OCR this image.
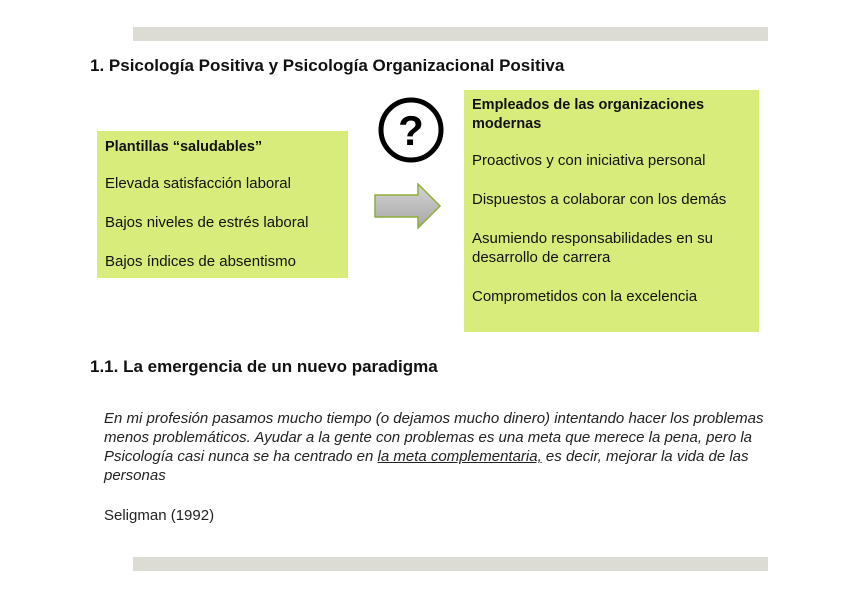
1. Psicología Positiva y Psicología Organizacional Positiva
Plantillas “saludables”
Elevada satisfacción laboral
Bajos niveles de estrés laboral
Bajos índices de absentismo
?
Empleados de las organizaciones modernas
Proactivos y con iniciativa personal
Dispuestos a colaborar con los demás
Asumiendo responsabilidades en su desarrollo de carrera
Comprometidos con la excelencia
1.1. La emergencia de un nuevo paradigma
En mi profesión pasamos mucho tiempo (o dejamos mucho dinero) intentando hacer los problemas menos problemáticos. Ayudar a la gente con problemas es una meta que merece la pena, pero la Psicología casi nunca se ha centrado en la meta complementaria, es decir, mejorar la vida de las personas
Seligman (1992)
